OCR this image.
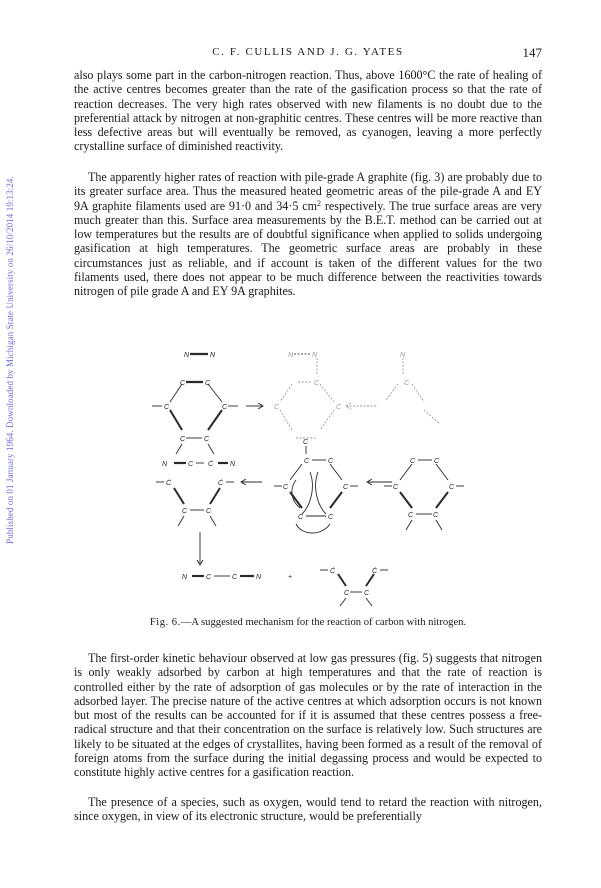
Published on 01 January 1964. Downloaded by Michigan State University on 26/10/2014 19:13:24.
C. F. CULLIS AND J. G. YATES	147

also plays some part in the carbon-nitrogen reaction. Thus, above 1600°C the rate of healing of the active centres becomes greater than the rate of the gasification process so that the rate of reaction decreases. The very high rates observed with new filaments is no doubt due to the preferential attack by nitrogen at non-graphitic centres. These centres will be more reactive than less defective areas but will eventually be removed, as cyanogen, leaving a more perfectly crystalline surface of diminished reactivity.

The apparently higher rates of reaction with pile-grade A graphite (fig. 3) are probably due to its greater surface area. Thus the measured heated geometric areas of the pile-grade A and EY 9A graphite filaments used are 91·0 and 34·5 $cm^2$ respectively. The true surface areas are very much greater than this. Surface area measurements by the B.E.T. method can be carried out at low temperatures but the results are of doubtful significance when applied to solids undergoing gasification at high temperatures. The geometric surface areas are probably in these circumstances just as reliable, and if account is taken of the different values for the two filaments used, there does not appear to be much difference between the reactivities towards nitrogen of pile grade A and EY 9A graphites.

N	N
C	C
C	C
C	C
N	N
C
C
C
N
C
N	C Ċ Ṅ
Ċ	Ċ
C	C
C
C	C
C	C
C	C
C	C
C	C
C	C
N	C	C	N	+
Ċ	Ċ
C C

Fig. 6.—A suggested mechanism for the reaction of carbon with nitrogen.

The first-order kinetic behaviour observed at low gas pressures (fig. 5) suggests that nitrogen is only weakly adsorbed by carbon at high temperatures and that the rate of reaction is controlled either by the rate of adsorption of gas molecules or by the rate of interaction in the adsorbed layer. The precise nature of the active centres at which adsorption occurs is not known but most of the results can be accounted for if it is assumed that these centres possess a free-radical structure and that their concentration on the surface is relatively low. Such structures are likely to be situated at the edges of crystallites, having been formed as a result of the removal of foreign atoms from the surface during the initial degassing process and would be expected to constitute highly active centres for a gasification reaction.

The presence of a species, such as oxygen, would tend to retard the reaction with nitrogen, since oxygen, in view of its electronic structure, would be preferentially
